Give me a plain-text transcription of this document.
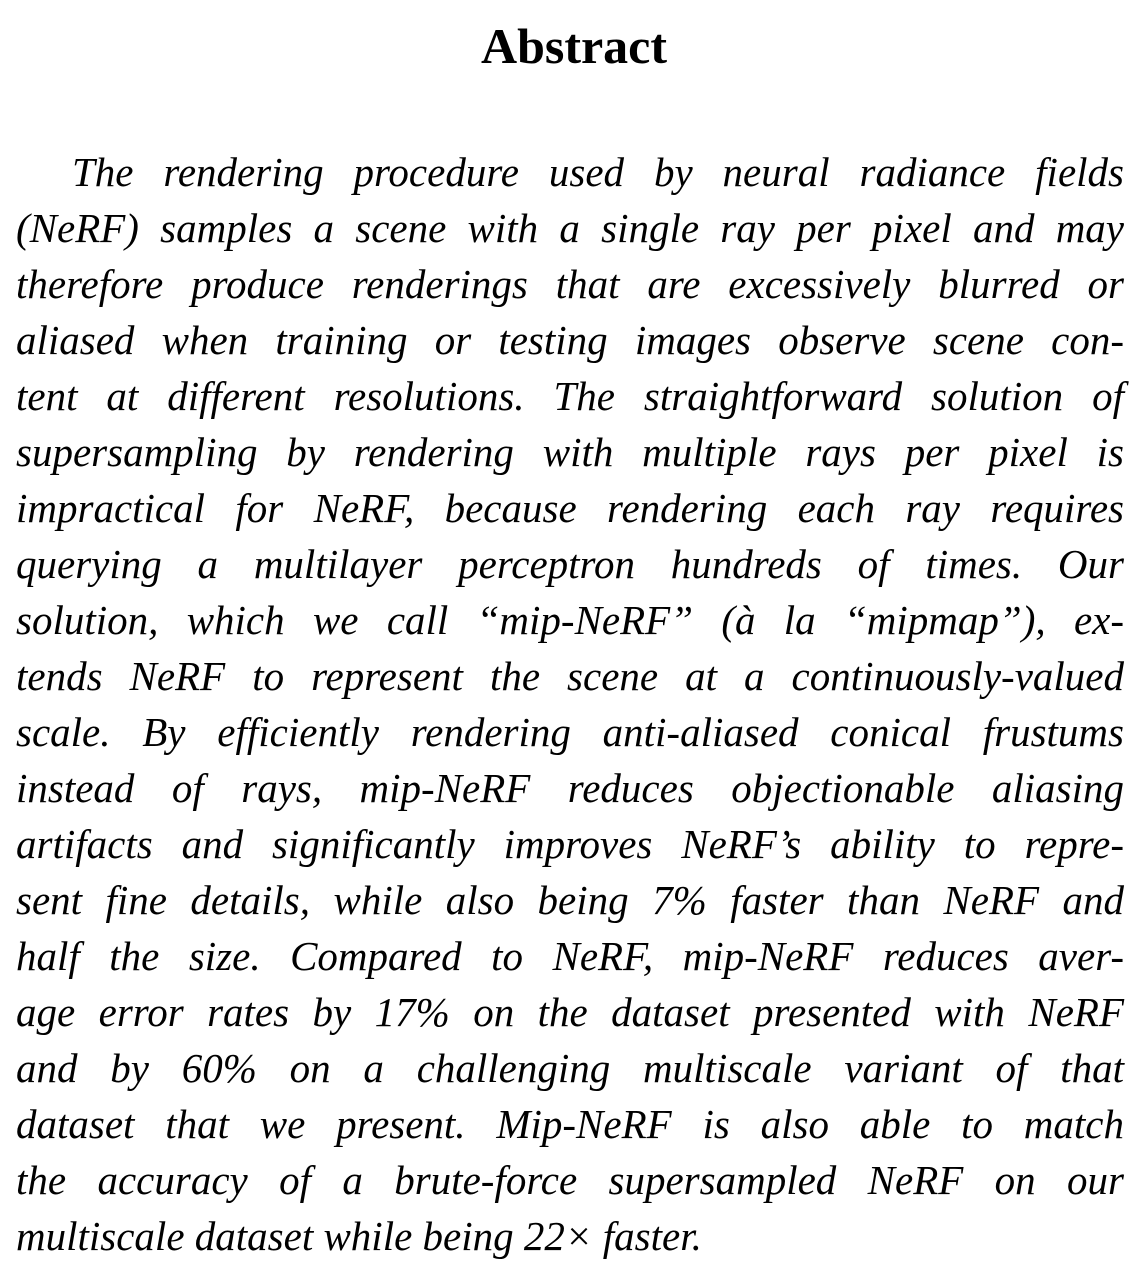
Abstract
The rendering procedure used by neural radiance fields
(NeRF) samples a scene with a single ray per pixel and may
therefore produce renderings that are excessively blurred or
aliased when training or testing images observe scene con-
tent at different resolutions. The straightforward solution of
supersampling by rendering with multiple rays per pixel is
impractical for NeRF, because rendering each ray requires
querying a multilayer perceptron hundreds of times. Our
solution, which we call “mip-NeRF” (à la “mipmap”), ex-
tends NeRF to represent the scene at a continuously-valued
scale. By efficiently rendering anti-aliased conical frustums
instead of rays, mip-NeRF reduces objectionable aliasing
artifacts and significantly improves NeRF’s ability to repre-
sent fine details, while also being 7% faster than NeRF and
half the size. Compared to NeRF, mip-NeRF reduces aver-
age error rates by 17% on the dataset presented with NeRF
and by 60% on a challenging multiscale variant of that
dataset that we present. Mip-NeRF is also able to match
the accuracy of a brute-force supersampled NeRF on our
multiscale dataset while being 22× faster.
